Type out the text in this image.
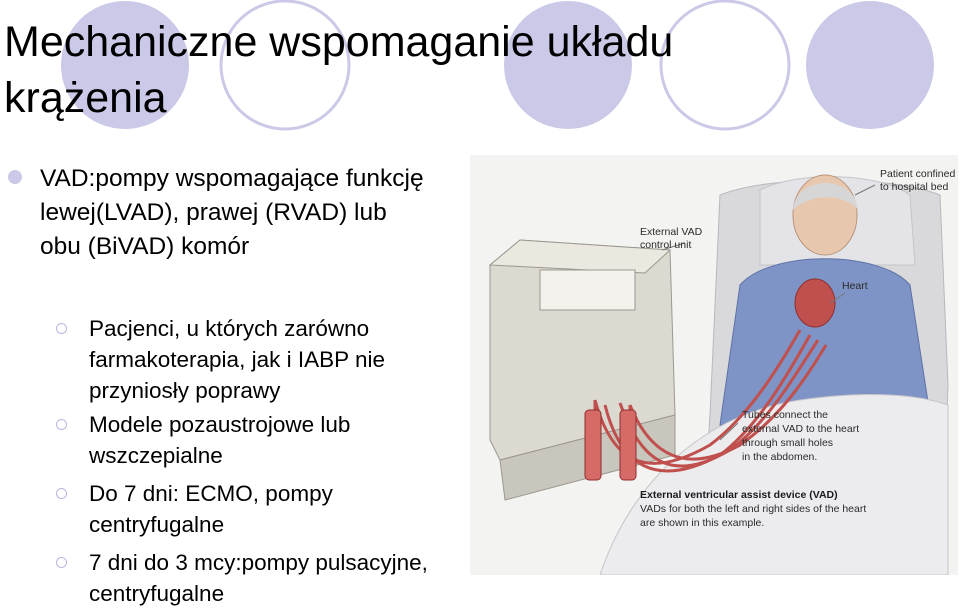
Mechaniczne wspomaganie układu krążenia
VAD:pompy wspomagające funkcję lewej(LVAD), prawej (RVAD) lub obu (BiVAD) komór
Pacjenci, u których zarówno farmakoterapia, jak i IABP nie przyniosły poprawy
Modele pozaustrojowe lub wszczepialne
Do 7 dni: ECMO, pompy centryfugalne
7 dni do 3 mcy:pompy pulsacyjne, centryfugalne
Patient confined
to hospital bed
External VAD
control unit
Heart
Tubes connect the
external VAD to the heart
through small holes
in the abdomen.
External ventricular assist device (VAD)
VADs for both the left and right sides of the heart
are shown in this example.
